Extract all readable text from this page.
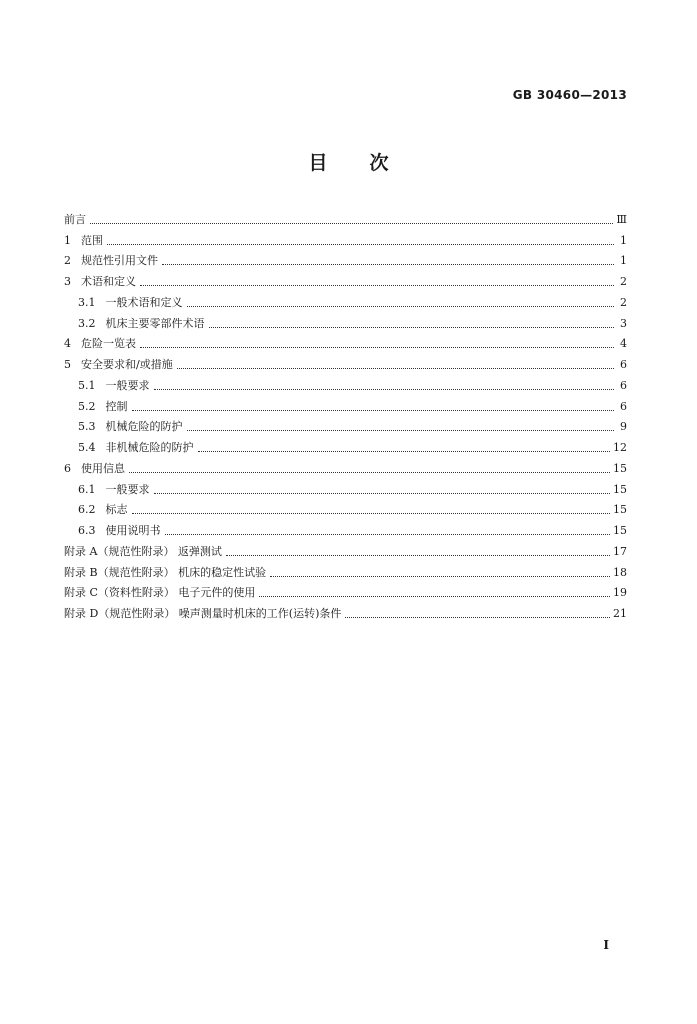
GB 30460—2013
目 次
前言	Ⅲ
1 范围	1
2 规范性引用文件	1
3 术语和定义	2
3.1 一般术语和定义	2
3.2 机床主要零部件术语	3
4 危险一览表	4
5 安全要求和/或措施	6
5.1 一般要求	6
5.2 控制	6
5.3 机械危险的防护	9
5.4 非机械危险的防护	12
6 使用信息	15
6.1 一般要求	15
6.2 标志	15
6.3 使用说明书	15
附录 A（规范性附录） 返弹测试	17
附录 B（规范性附录） 机床的稳定性试验	18
附录 C（资料性附录） 电子元件的使用	19
附录 D（规范性附录） 噪声测量时机床的工作(运转)条件	21
I
